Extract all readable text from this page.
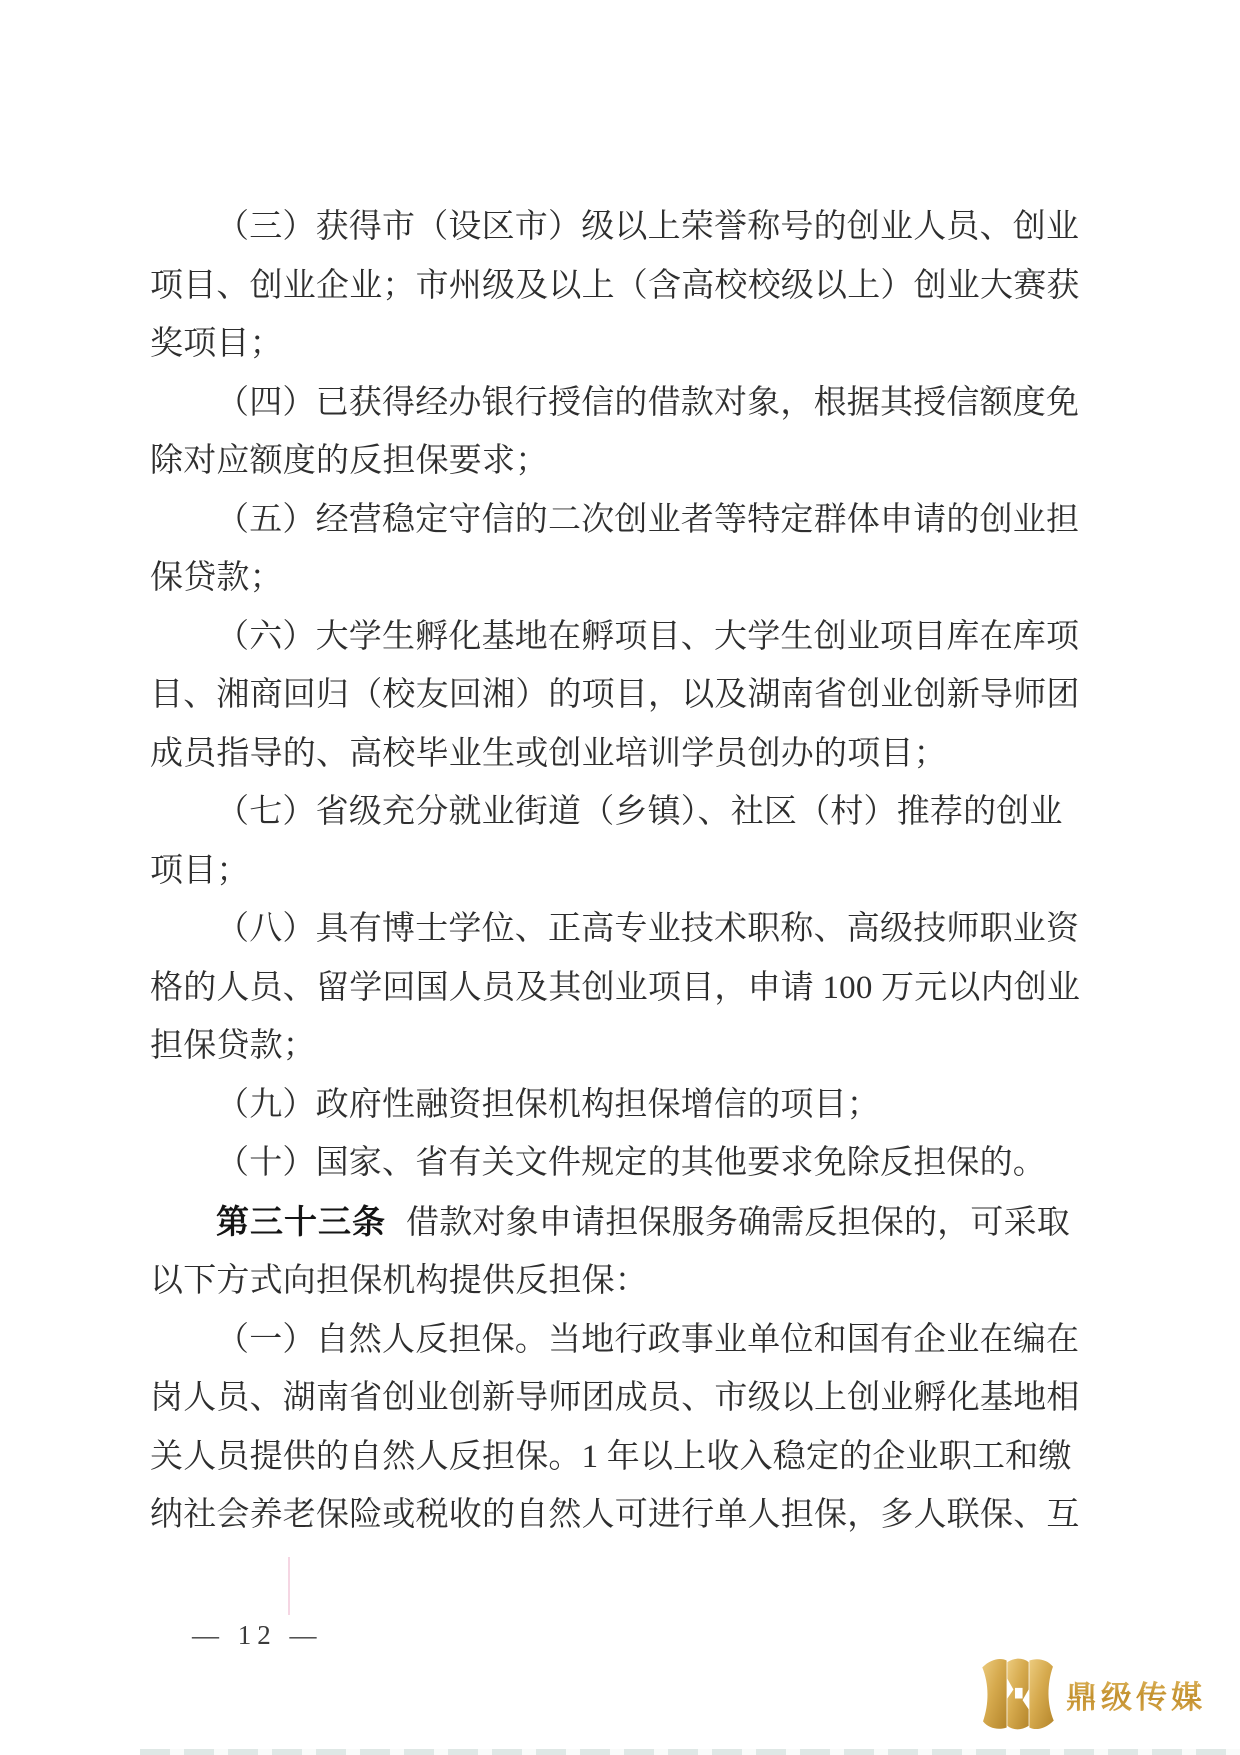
（三）获得市（设区市）级以上荣誉称号的创业人员、创业
项目、创业企业；市州级及以上（含高校校级以上）创业大赛获
奖项目；
（四）已获得经办银行授信的借款对象，根据其授信额度免
除对应额度的反担保要求；
（五）经营稳定守信的二次创业者等特定群体申请的创业担
保贷款；
（六）大学生孵化基地在孵项目、大学生创业项目库在库项
目、湘商回归（校友回湘）的项目，以及湖南省创业创新导师团
成员指导的、高校毕业生或创业培训学员创办的项目；
（七）省级充分就业街道（乡镇）、社区（村）推荐的创业
项目；
（八）具有博士学位、正高专业技术职称、高级技师职业资
格的人员、留学回国人员及其创业项目，申请 100 万元以内创业
担保贷款；
（九）政府性融资担保机构担保增信的项目；
（十）国家、省有关文件规定的其他要求免除反担保的。
第三十三条 借款对象申请担保服务确需反担保的，可采取
以下方式向担保机构提供反担保：
（一）自然人反担保。当地行政事业单位和国有企业在编在
岗人员、湖南省创业创新导师团成员、市级以上创业孵化基地相
关人员提供的自然人反担保。1 年以上收入稳定的企业职工和缴
纳社会养老保险或税收的自然人可进行单人担保，多人联保、互
— 12 —
鼎级传媒
